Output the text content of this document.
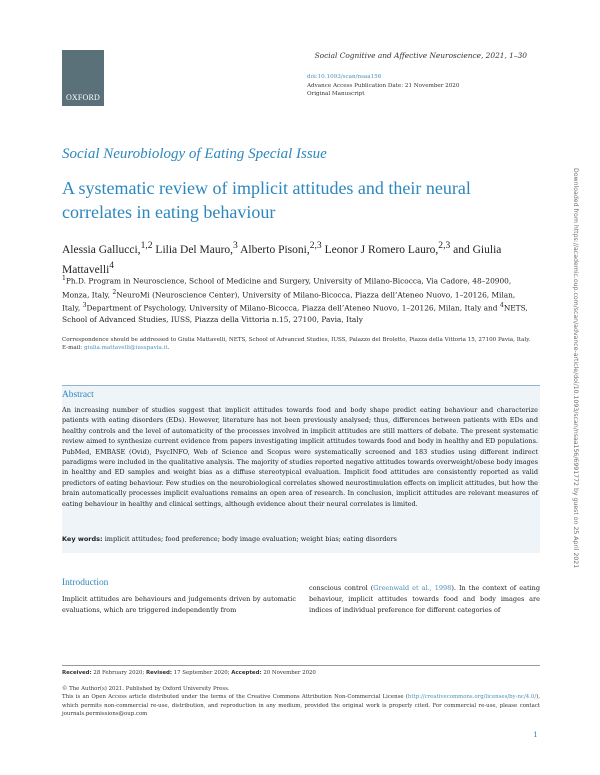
OXFORD
Social Cognitive and Affective Neuroscience, 2021, 1–30
doi:10.1093/scan/nsaa156
Advance Access Publication Date: 21 November 2020
Original Manuscript
Downloaded from https://academic.oup.com/scan/advance-article/doi/10.1093/scan/nsaa156/6991772 by guest on 25 April 2021
Social Neurobiology of Eating Special Issue
A systematic review of implicit attitudes and their neural correlates in eating behaviour
Alessia Gallucci,$^{1,2}$ Lilia Del Mauro,$^3$ Alberto Pisoni,$^{2,3}$ Leonor J Romero Lauro,$^{2,3}$ and Giulia Mattavelli$^4$
$^1$Ph.D. Program in Neuroscience, School of Medicine and Surgery, University of Milano-Bicocca, Via Cadore, 48–20900, Monza, Italy, $^2$NeuroMi (Neuroscience Center), University of Milano-Bicocca, Piazza dell’Ateneo Nuovo, 1–20126, Milan, Italy, $^3$Department of Psychology, University of Milano-Bicocca, Piazza dell’Ateneo Nuovo, 1–20126, Milan, Italy and $^4$NETS, School of Advanced Studies, IUSS, Piazza della Vittoria n.15, 27100, Pavia, Italy
Correspondence should be addressed to Giulia Mattavelli, NETS, School of Advanced Studies, IUSS, Palazzo del Broletto, Piazza della Vittoria 15, 27100 Pavia, Italy. E-mail: giulia.mattavelli@iusspavia.it.
Abstract
An increasing number of studies suggest that implicit attitudes towards food and body shape predict eating behaviour and characterize patients with eating disorders (EDs). However, literature has not been previously analysed; thus, differences between patients with EDs and healthy controls and the level of automaticity of the processes involved in implicit attitudes are still matters of debate. The present systematic review aimed to synthesize current evidence from papers investigating implicit attitudes towards food and body in healthy and ED populations. PubMed, EMBASE (Ovid), PsycINFO, Web of Science and Scopus were systematically screened and 183 studies using different indirect paradigms were included in the qualitative analysis. The majority of studies reported negative attitudes towards overweight/obese body images in healthy and ED samples and weight bias as a diffuse stereotypical evaluation. Implicit food attitudes are consistently reported as valid predictors of eating behaviour. Few studies on the neurobiological correlates showed neurostimulation effects on implicit attitudes, but how the brain automatically processes implicit evaluations remains an open area of research. In conclusion, implicit attitudes are relevant measures of eating behaviour in healthy and clinical settings, although evidence about their neural correlates is limited.
Key words: implicit attitudes; food preference; body image evaluation; weight bias; eating disorders
Introduction
Implicit attitudes are behaviours and judgements driven by automatic evaluations, which are triggered independently from
conscious control (Greenwald et al., 1998). In the context of eating behaviour, implicit attitudes towards food and body images are indices of individual preference for different categories of
Received: 28 February 2020; Revised: 17 September 2020; Accepted: 20 November 2020
© The Author(s) 2021. Published by Oxford University Press.
This is an Open Access article distributed under the terms of the Creative Commons Attribution Non-Commercial License (http://creativecommons.org/licenses/by-nc/4.0/), which permits non-commercial re-use, distribution, and reproduction in any medium, provided the original work is properly cited. For commercial re-use, please contact journals.permissions@oup.com
1
